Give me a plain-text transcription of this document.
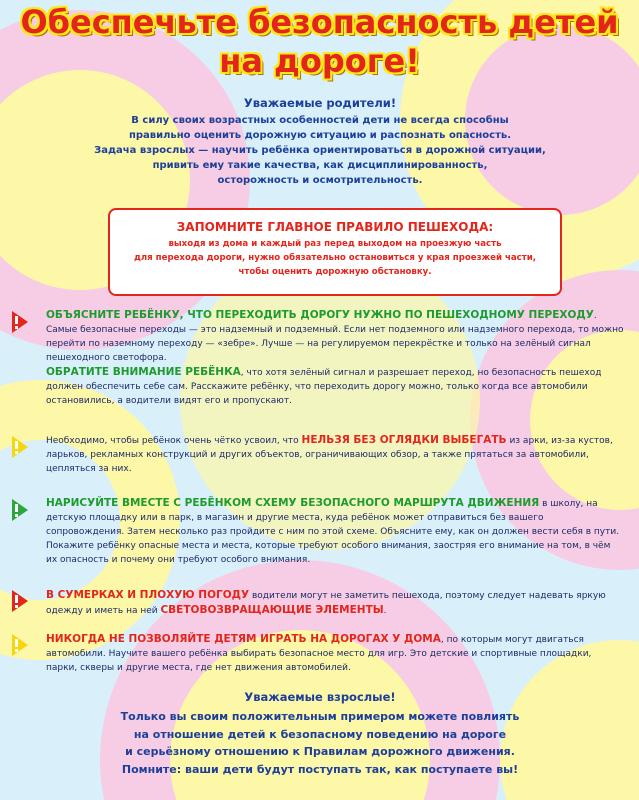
Обеспечьте безопасность детей
на дороге!
Уважаемые родители!
В силу своих возрастных особенностей дети не всегда способны
правильно оценить дорожную ситуацию и распознать опасность.
Задача взрослых — научить ребёнка ориентироваться в дорожной ситуации,
привить ему такие качества, как дисциплинированность,
осторожность и осмотрительность.
ЗАПОМНИТЕ ГЛАВНОЕ ПРАВИЛО ПЕШЕХОДА:
выходя из дома и каждый раз перед выходом на проезжую часть
для перехода дороги, нужно обязательно остановиться у края проезжей части,
чтобы оценить дорожную обстановку.

ОБЪЯСНИТЕ РЕБЁНКУ, ЧТО ПЕРЕХОДИТЬ ДОРОГУ НУЖНО ПО ПЕШЕХОДНОМУ ПЕРЕХОДУ. Самые безопасные переходы — это надземный и подземный. Если нет подземного или надземного перехода, то можно перейти по наземному переходу — «зебре». Лучше — на регулируемом перекрёстке и только на зелёный сигнал пешеходного светофора.

ОБРАТИТЕ ВНИМАНИЕ РЕБЁНКА, что хотя зелёный сигнал и разрешает переход, но безопасность пешеход должен обеспечить себе сам. Расскажите ребёнку, что переходить дорогу можно, только когда все автомобили остановились, а водители видят его и пропускают.

Необходимо, чтобы ребёнок очень чётко усвоил, что НЕЛЬЗЯ БЕЗ ОГЛЯДКИ ВЫБЕГАТЬ из арки, из-за кустов, ларьков, рекламных конструкций и других объектов, ограничивающих обзор, а также прятаться за автомобили, цепляться за них.

НАРИСУЙТЕ ВМЕСТЕ С РЕБЁНКОМ СХЕМУ БЕЗОПАСНОГО МАРШРУТА ДВИЖЕНИЯ в школу, на детскую площадку или в парк, в магазин и другие места, куда ребёнок может отправиться без вашего сопровождения. Затем несколько раз пройдите с ним по этой схеме. Объясните ему, как он должен вести себя в пути. Покажите ребёнку опасные места и места, которые требуют особого внимания, заостряя его внимание на том, в чём их опасность и почему они требуют особого внимания.

В СУМЕРКАХ И ПЛОХУЮ ПОГОДУ водители могут не заметить пешехода, поэтому следует надевать яркую одежду и иметь на ней СВЕТОВОЗВРАЩАЮЩИЕ ЭЛЕМЕНТЫ.

НИКОГДА НЕ ПОЗВОЛЯЙТЕ ДЕТЯМ ИГРАТЬ НА ДОРОГАХ У ДОМА, по которым могут двигаться автомобили. Научите вашего ребёнка выбирать безопасное место для игр. Это детские и спортивные площадки, парки, скверы и другие места, где нет движения автомобилей.

Уважаемые взрослые!
Только вы своим положительным примером можете повлиять
на отношение детей к безопасному поведению на дороге
и серьёзному отношению к Правилам дорожного движения.
Помните: ваши дети будут поступать так, как поступаете вы!
